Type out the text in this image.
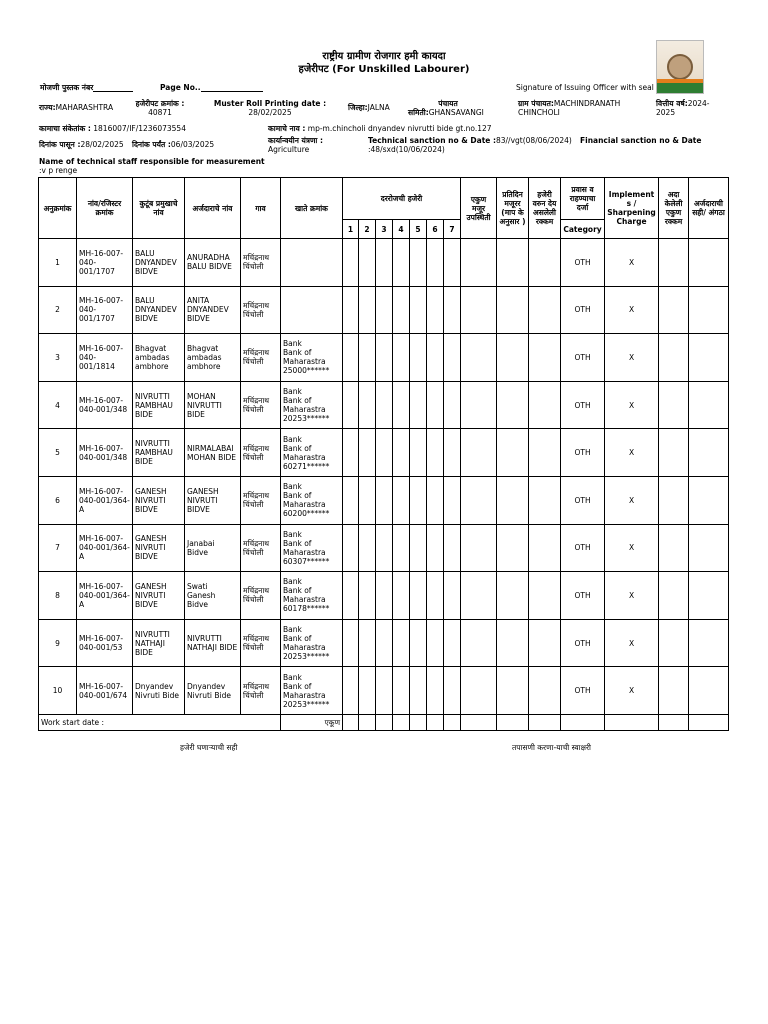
राष्ट्रीय ग्रामीण रोजगार हमी कायदा
हजेरीपट (For Unskilled Labourer)
मोजणी पुस्तक नंबर	Page No..	Signature of Issuing Officer with seal
राज्य:MAHARASHTRA	हजेरीपट क्रमांक :
40871
Muster Roll Printing date :
28/02/2025
जिल्हा:JALNA	पंचायत
समिती:GHANSAVANGI
ग्राम पंचायत:MACHINDRANATH CHINCHOLI
वित्तीय वर्ष:2024-2025
कामाचा संकेतांक : 1816007/IF/1236073554	कामाचे नाव : mp-m.chincholi dnyandev nivrutti bide gt.no.127
कार्यान्वयीन यंत्रणा :
Agriculture
Technical sanction no & Date :83//vgt(08/06/2024)
:48/sxd(10/06/2024)
Financial sanction no & Date
दिनांक पासून :28/02/2025 दिनांक पर्यंत :06/03/2025
Name of technical staff responsible for measurement
:v p renge
अनुक्रमांक	नांव/रजिस्टर क्रमांक	कुटूंब प्रमुखाचे नांव	अर्जदाराचे नांव	गाव	खाते क्रमांक	दररोजची हजेरी							एकुण मजूर उपस्थिती	प्रतिदिन मजूरर (माप के अनुसार )	हजेरी वरुन देय असलेली रक्कम	प्रवास व राहण्याचा दर्जा	Implements / Sharpening Charge	अदा केलेली एकुण रक्कम	अर्जदाराची सही/ अंगठा
						1	2	3	4	5	6	7				Category			
1	MH-16-007-040-001/1707	BALU DNYANDEV BIDVE	ANURADHA BALU BIDVE	मचिंद्रनाथ चिंचोली												OTH	X		
2	MH-16-007-040-001/1707	BALU DNYANDEV BIDVE	ANITA DNYANDEV BIDVE	मचिंद्रनाथ चिंचोली												OTH	X		
3	MH-16-007-040-001/1814	Bhagvat ambadas ambhore	Bhagvat ambadas ambhore	मचिंद्रनाथ चिंचोली	Bank
Bank of Maharastra
25000******											OTH	X		
4	MH-16-007-040-001/348	NIVRUTTI RAMBHAU BIDE	MOHAN NIVRUTTI BIDE	मचिंद्रनाथ चिंचोली	Bank
Bank of Maharastra
20253******											OTH	X		
5	MH-16-007-040-001/348	NIVRUTTI RAMBHAU BIDE	NIRMALABAI MOHAN BIDE	मचिंद्रनाथ चिंचोली	Bank
Bank of Maharastra
60271******											OTH	X		
6	MH-16-007-040-001/364-A	GANESH NIVRUTI BIDVE	GANESH NIVRUTI BIDVE	मचिंद्रनाथ चिंचोली	Bank
Bank of Maharastra
60200******											OTH	X		
7	MH-16-007-040-001/364-A	GANESH NIVRUTI BIDVE	Janabai Bidve	मचिंद्रनाथ चिंचोली	Bank
Bank of Maharastra
60307******											OTH	X		
8	MH-16-007-040-001/364-A	GANESH NIVRUTI BIDVE	Swati Ganesh Bidve	मचिंद्रनाथ चिंचोली	Bank
Bank of Maharastra
60178******											OTH	X		
9	MH-16-007-040-001/53	NIVRUTTI NATHAJI BIDE	NIVRUTTI NATHAJI BIDE	मचिंद्रनाथ चिंचोली	Bank
Bank of Maharastra
20253******											OTH	X		
10	MH-16-007-040-001/674	Dnyandev Nivruti Bide	Dnyandev Nivruti Bide	मचिंद्रनाथ चिंचोली	Bank
Bank of Maharastra
20253******											OTH	X		
Work start date :					एकूण														
हजेरी घणाऱ्याची सही	तपासणी करणा-याची स्वाक्षरी
